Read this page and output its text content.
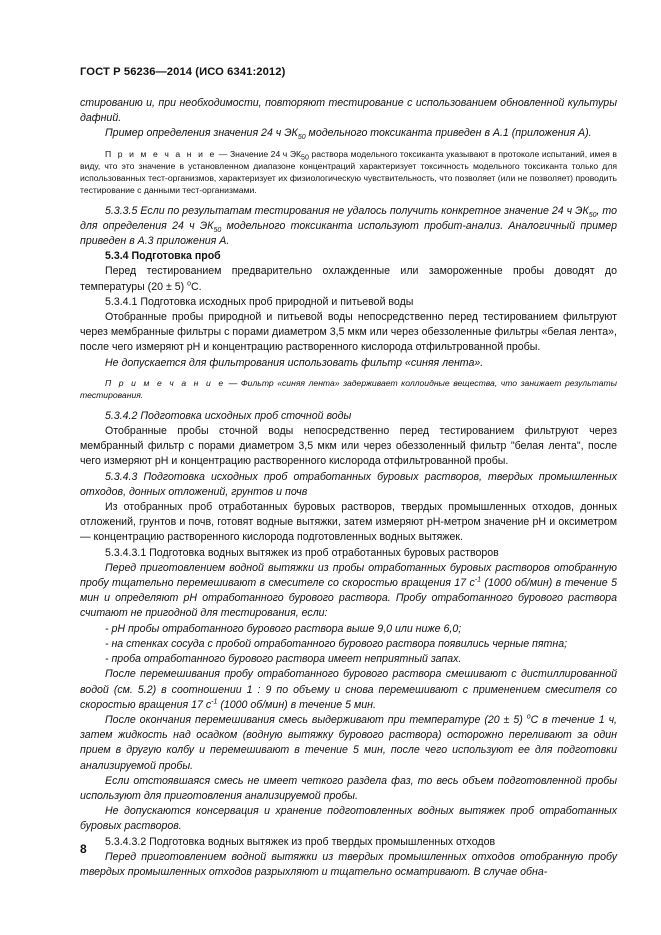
ГОСТ Р 56236—2014 (ИСО 6341:2012)

стированию и, при необходимости, повторяют тестирование с использованием обновленной культуры дафний.

Пример определения значения 24 ч $ЭК_{50}$ модельного токсиканта приведен в А.1 (приложения А).

П р и м е ч а н и е — Значение 24 ч $ЭК_{50}$ раствора модельного токсиканта указывают в протоколе испытаний, имея в виду, что это значение в установленном диапазоне концентраций характеризует токсичность модельного токсиканта только для использованных тест-организмов, характеризует их физиологическую чувствительность, что позволяет (или не позволяет) проводить тестирование с данными тест-организмами.

5.3.3.5 Если по результатам тестирования не удалось получить конкретное значение 24 ч $ЭК_{50}$, то для определения 24 ч $ЭК_{50}$ модельного токсиканта используют пробит-анализ. Аналогичный пример приведен в А.3 приложения А.

5.3.4 Подготовка проб

Перед тестированием предварительно охлажденные или замороженные пробы доводят до температуры (20 ± 5) $^о$С.

5.3.4.1 Подготовка исходных проб природной и питьевой воды

Отобранные пробы природной и питьевой воды непосредственно перед тестированием фильтруют через мембранные фильтры с порами диаметром 3,5 мкм или через обеззоленные фильтры «белая лента», после чего измеряют pH и концентрацию растворенного кислорода отфильтрованной пробы.

Не допускается для фильтрования использовать фильтр «синяя лента».

П р и м е ч а н и е — Фильтр «синяя лента» задерживает коллоидные вещества, что занижает результаты тестирования.

5.3.4.2 Подготовка исходных проб сточной воды

Отобранные пробы сточной воды непосредственно перед тестированием фильтруют через мембранный фильтр с порами диаметром 3,5 мкм или через обеззоленный фильтр "белая лента", после чего измеряют pH и концентрацию растворенного кислорода отфильтрованной пробы.

5.3.4.3 Подготовка исходных проб отработанных буровых растворов, твердых промышленных отходов, донных отложений, грунтов и почв

Из отобранных проб отработанных буровых растворов, твердых промышленных отходов, донных отложений, грунтов и почв, готовят водные вытяжки, затем измеряют pH-метром значение pH и оксиметром — концентрацию растворенного кислорода подготовленных водных вытяжек.

5.3.4.3.1 Подготовка водных вытяжек из проб отработанных буровых растворов

Перед приготовлением водной вытяжки из пробы отработанных буровых растворов отобранную пробу тщательно перемешивают в смесителе со скоростью вращения 17 $с^{-1}$ (1000 об/мин) в течение 5 мин и определяют pH отработанного бурового раствора. Пробу отработанного бурового раствора считают не пригодной для тестирования, если:

- pH пробы отработанного бурового раствора выше 9,0 или ниже 6,0;

- на стенках сосуда с пробой отработанного бурового раствора появились черные пятна;

- проба отработанного бурового раствора имеет неприятный запах.

После перемешивания пробу отработанного бурового раствора смешивают с дистиллированной водой (см. 5.2) в соотношении 1 : 9 по объему и снова перемешивают с применением смесителя со скоростью вращения 17 $с^{-1}$ (1000 об/мин) в течение 5 мин.

После окончания перемешивания смесь выдерживают при температуре (20 ± 5) $^о$С в течение 1 ч, затем жидкость над осадком (водную вытяжку бурового раствора) осторожно переливают за один прием в другую колбу и перемешивают в течение 5 мин, после чего используют ее для подготовки анализируемой пробы.

Если отстоявшаяся смесь не имеет четкого раздела фаз, то весь объем подготовленной пробы используют для приготовления анализируемой пробы.

Не допускаются консервация и хранение подготовленных водных вытяжек проб отработанных буровых растворов.

5.3.4.3.2 Подготовка водных вытяжек из проб твердых промышленных отходов

Перед приготовлением водной вытяжки из твердых промышленных отходов отобранную пробу твердых промышленных отходов разрыхляют и тщательно осматривают. В случае обна-

8
